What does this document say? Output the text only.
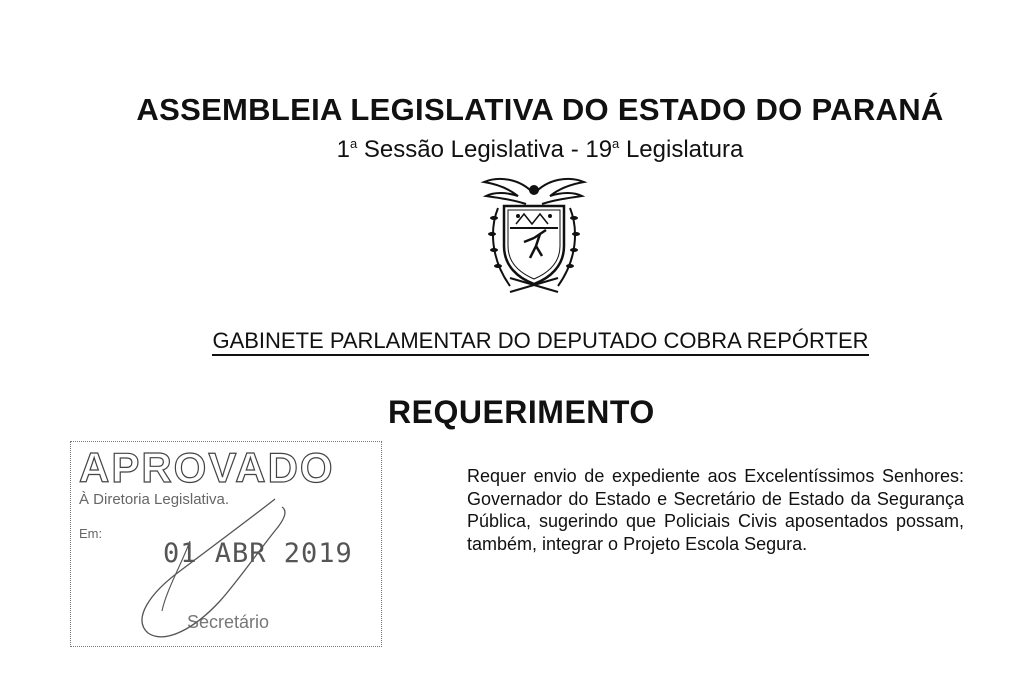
ASSEMBLEIA LEGISLATIVA DO ESTADO DO PARANÁ
1$^a$ Sessão Legislativa - 19$^a$ Legislatura
GABINETE PARLAMENTAR DO DEPUTADO COBRA REPÓRTER
REQUERIMENTO
Requer envio de expediente aos Excelentíssimos Senhores: Governador do Estado e Secretário de Estado da Segurança Pública, sugerindo que Policiais Civis aposentados possam, também, integrar o Projeto Escola Segura.
APROVADO
À Diretoria Legislativa.
Em:
01 ABR 2019
Secretário
